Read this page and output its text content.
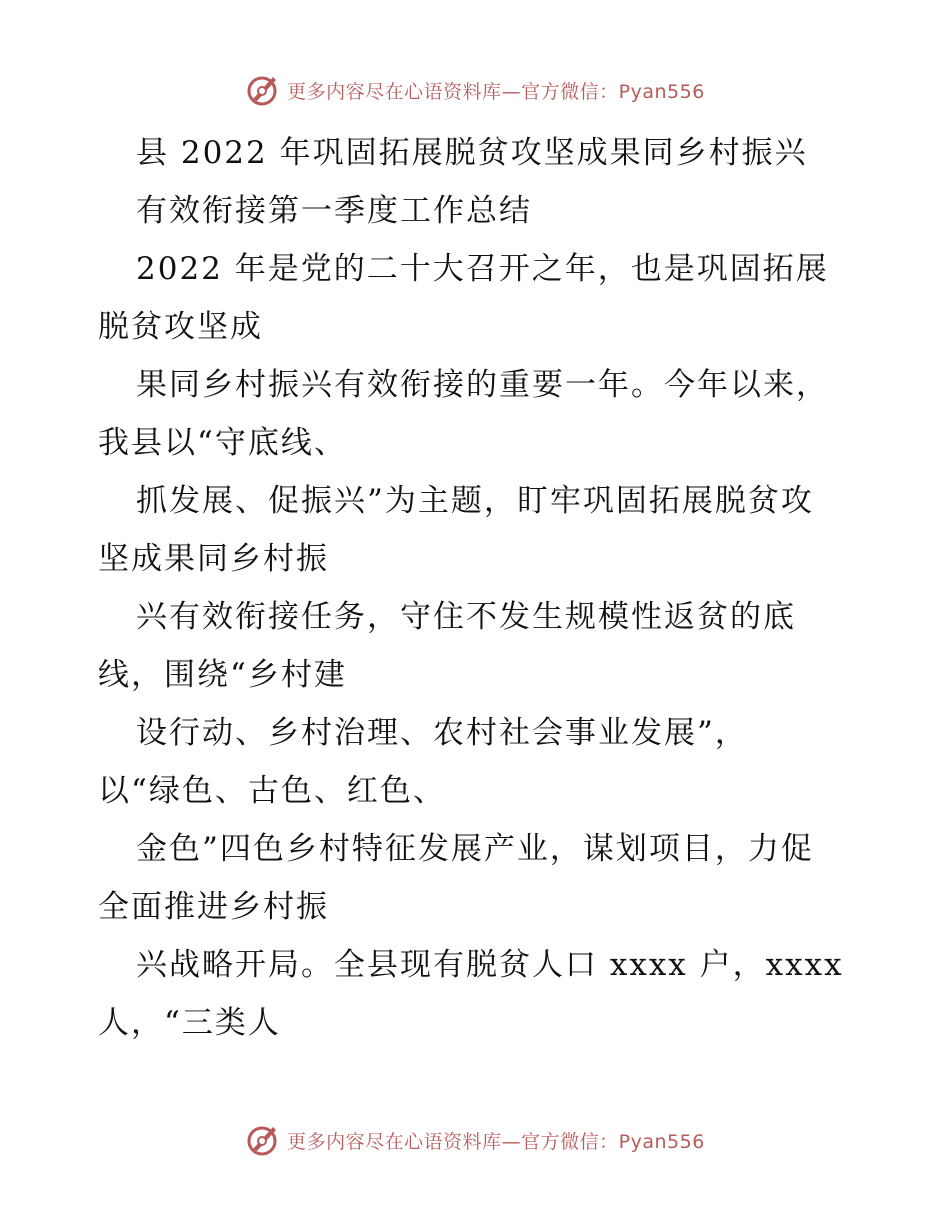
更多内容尽在心语资料库—官方微信：Pyan556
县 2022 年巩固拓展脱贫攻坚成果同乡村振兴
有效衔接第一季度工作总结
2022 年是党的二十大召开之年，也是巩固拓展
脱贫攻坚成
果同乡村振兴有效衔接的重要一年。今年以来，
我县以“守底线、
抓发展、促振兴”为主题，盯牢巩固拓展脱贫攻
坚成果同乡村振
兴有效衔接任务，守住不发生规模性返贫的底
线，围绕“乡村建
设行动、乡村治理、农村社会事业发展”，
以“绿色、古色、红色、
金色”四色乡村特征发展产业，谋划项目，力促
全面推进乡村振
兴战略开局。全县现有脱贫人口 xxxx 户，xxxx
人，“三类人
更多内容尽在心语资料库—官方微信：Pyan556
